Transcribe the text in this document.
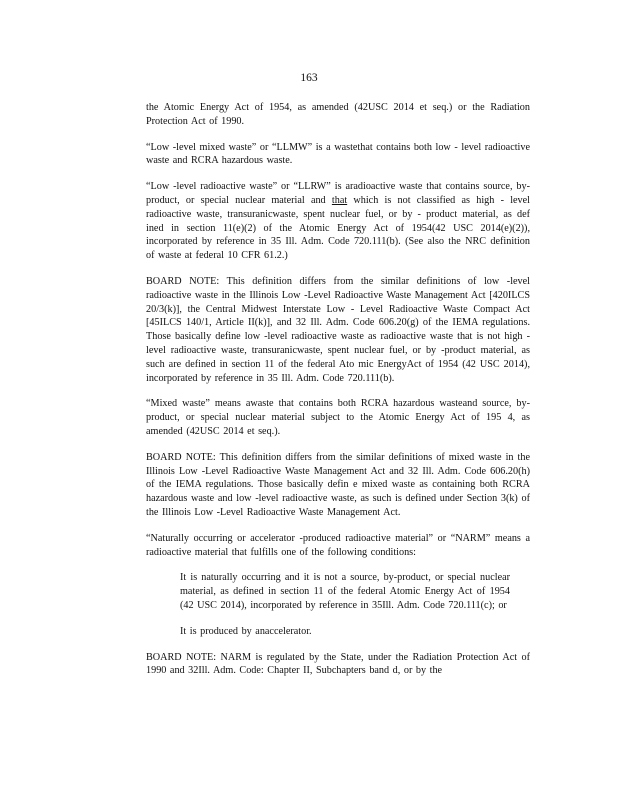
163

the Atomic Energy Act of 1954, as amended (42USC 2014 et seq.) or the Radiation Protection Act of 1990.

“Low -level mixed waste” or “LLMW” is a wastethat contains both low - level radioactive waste and RCRA hazardous waste.

“Low -level radioactive waste” or “LLRW” is aradioactive waste that contains source, by-product, or special nuclear material and that which is not classified as high - level radioactive waste, transuranicwaste, spent nuclear fuel, or by - product material, as def ined in section 11(e)(2) of the Atomic Energy Act of 1954(42 USC 2014(e)(2)), incorporated by reference in 35 Ill. Adm. Code 720.111(b). (See also the NRC definition of waste at federal 10 CFR 61.2.)

BOARD NOTE: This definition differs from the similar definitions of low -level radioactive waste in the Illinois Low -Level Radioactive Waste Management Act [420ILCS 20/3(k)], the Central Midwest Interstate Low - Level Radioactive Waste Compact Act [45ILCS 140/1, Article II(k)], and 32 Ill. Adm. Code 606.20(g) of the IEMA regulations. Those basically define low -level radioactive waste as radioactive waste that is not high -level radioactive waste, transuranicwaste, spent nuclear fuel, or by -product material, as such are defined in section 11 of the federal Ato mic EnergyAct of 1954 (42 USC 2014), incorporated by reference in 35 Ill. Adm. Code 720.111(b).

“Mixed waste” means awaste that contains both RCRA hazardous wasteand source, by-product, or special nuclear material subject to the Atomic Energy Act of 195 4, as amended (42USC 2014 et seq.).

BOARD NOTE: This definition differs from the similar definitions of mixed waste in the Illinois Low -Level Radioactive Waste Management Act and 32 Ill. Adm. Code 606.20(h) of the IEMA regulations. Those basically defin e mixed waste as containing both RCRA hazardous waste and low -level radioactive waste, as such is defined under Section 3(k) of the Illinois Low -Level Radioactive Waste Management Act.

“Naturally occurring or accelerator -produced radioactive material” or “NARM” means a radioactive material that fulfills one of the following conditions:

It is naturally occurring and it is not a source, by-product, or special nuclear material, as defined in section 11 of the federal Atomic Energy Act of 1954 (42 USC 2014), incorporated by reference in 35Ill. Adm. Code 720.111(c); or

It is produced by anaccelerator.

BOARD NOTE: NARM is regulated by the State, under the Radiation Protection Act of 1990 and 32Ill. Adm. Code: Chapter II, Subchapters band d, or by the
